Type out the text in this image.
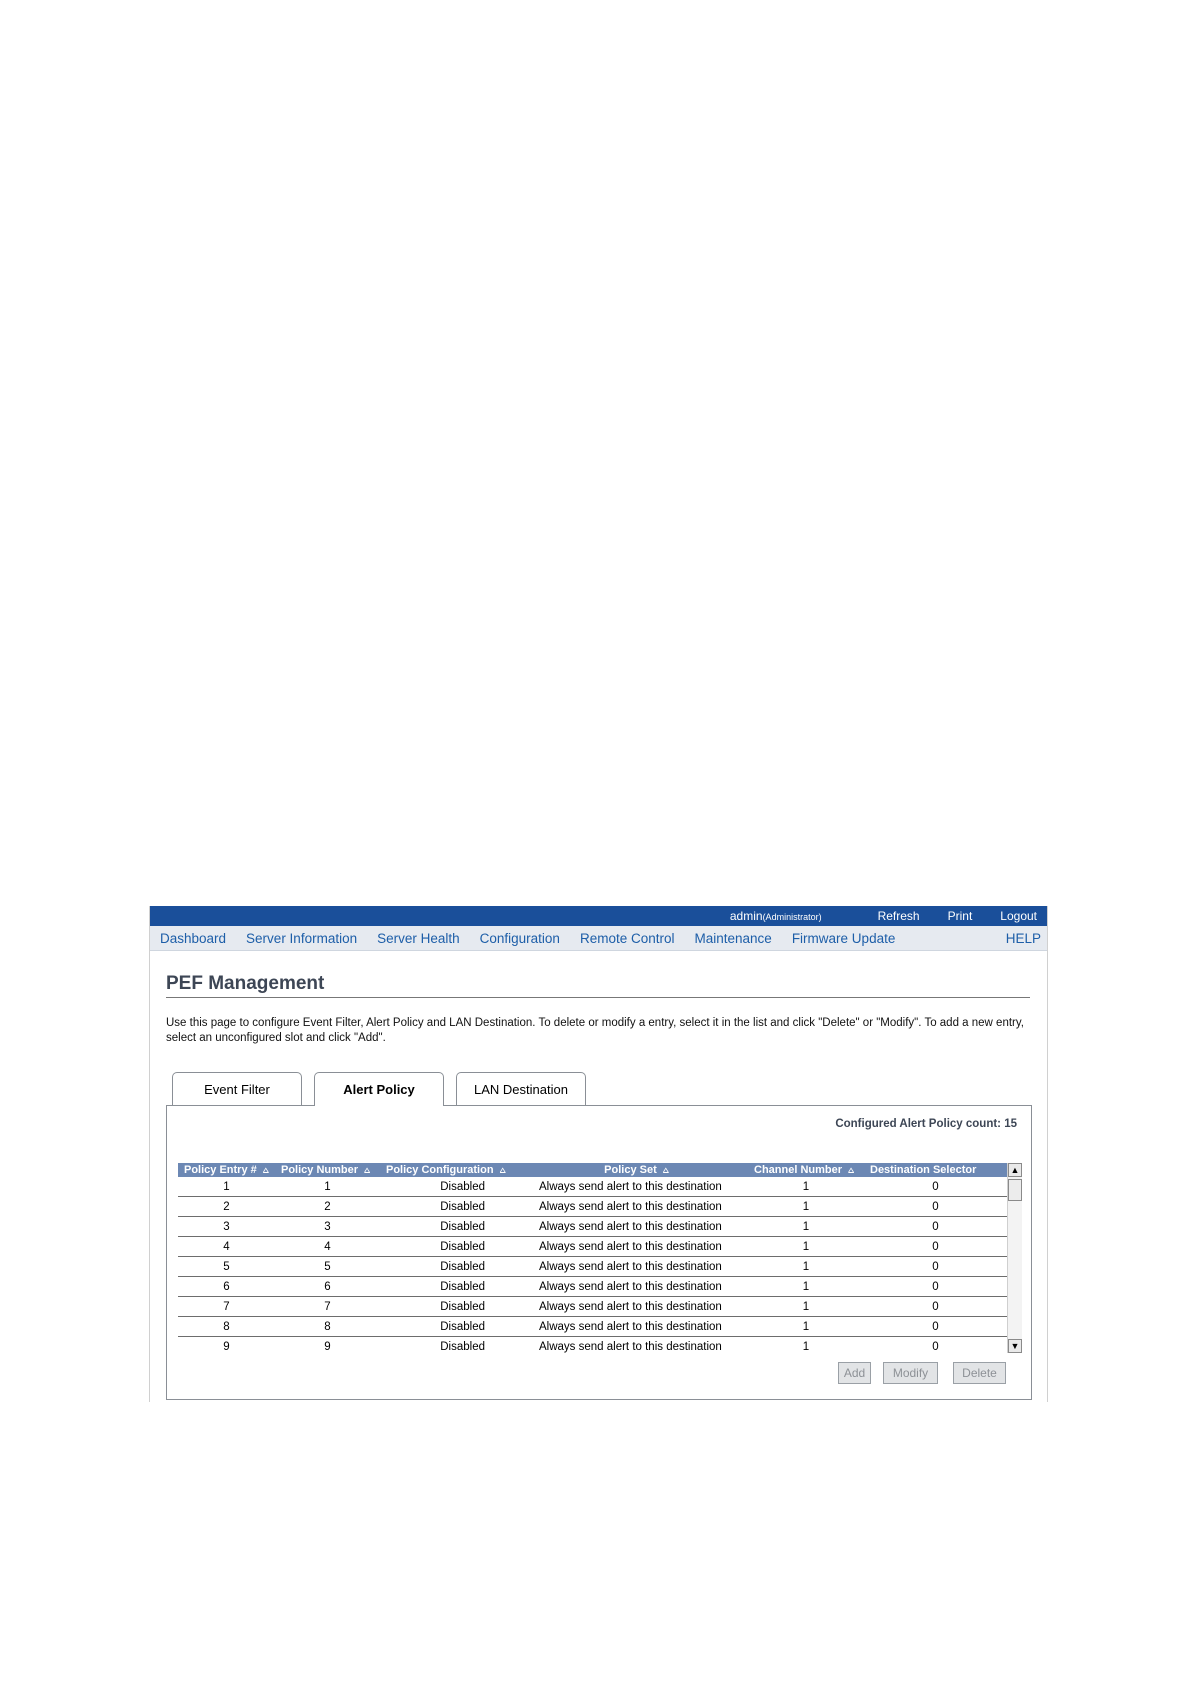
admin(Administrator)	Refresh Print Logout
Dashboard Server Information Server Health Configuration Remote Control Maintenance Firmware Update	HELP
PEF Management
Use this page to configure Event Filter, Alert Policy and LAN Destination. To delete or modify a entry, select it in the list and click "Delete" or "Modify". To add a new entry, select an unconfigured slot and click "Add".
Event Filter	Alert Policy	LAN Destination
Configured Alert Policy count: 15
Policy Entry # ⩟	Policy Number ⩟	Policy Configuration ⩟	Policy Set ⩟	Channel Number ⩟	Destination Selector
1	1	Disabled	Always send alert to this destination	1	0
2	2	Disabled	Always send alert to this destination	1	0
3	3	Disabled	Always send alert to this destination	1	0
4	4	Disabled	Always send alert to this destination	1	0
5	5	Disabled	Always send alert to this destination	1	0
6	6	Disabled	Always send alert to this destination	1	0
7	7	Disabled	Always send alert to this destination	1	0
8	8	Disabled	Always send alert to this destination	1	0
9	9	Disabled	Always send alert to this destination	1	0
▲
▼
Add	Modify	Delete
